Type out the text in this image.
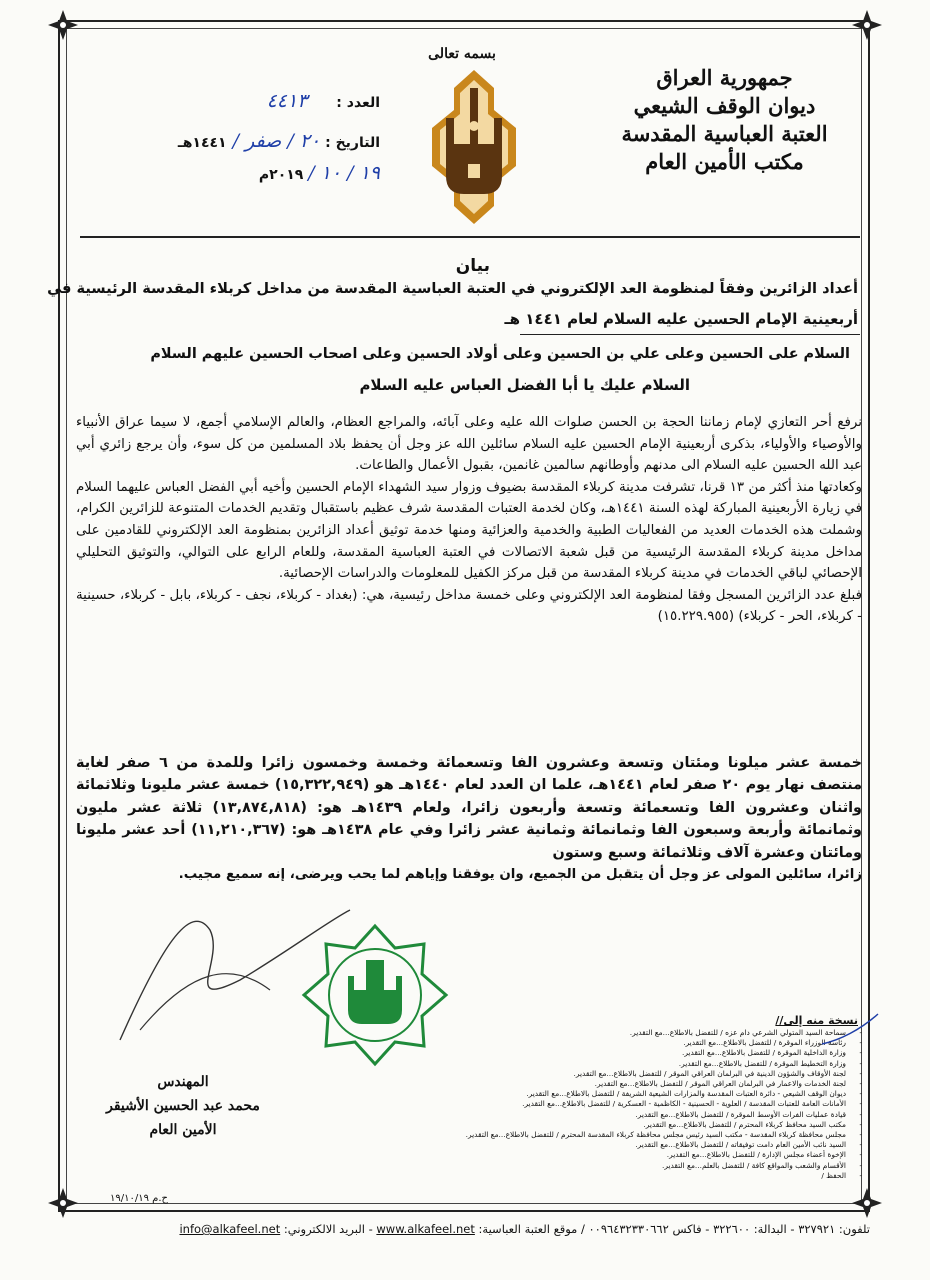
جمهورية العراق
ديوان الوقف الشيعي
العتبة العباسية المقدسة
مكتب الأمين العام
بسمه تعالى
العدد : ٤٤١٣
التاريخ : ٢٠ / صفر / ١٤٤١هـ
١٩ / ١٠ / ٢٠١٩م
بيان
أعداد الزائرين وفقاً لمنظومة العد الإلكتروني في العتبة العباسية المقدسة من مداخل كربلاء المقدسة الرئيسية في
أربعينية الإمام الحسين عليه السلام لعام ١٤٤١ هـ
السلام على الحسين وعلى علي بن الحسين وعلى أولاد الحسين وعلى اصحاب الحسين عليهم السلام
السلام عليك يا أبا الفضل العباس عليه السلام

نرفع أحر التعازي لإمام زماننا الحجة بن الحسن صلوات الله عليه وعلى آبائه، والمراجع العظام، والعالم الإسلامي أجمع، لا سيما عراق الأنبياء والأوصياء والأولياء، بذكرى أربعينية الإمام الحسين عليه السلام سائلين الله عز وجل أن يحفظ بلاد المسلمين من كل سوء، وأن يرجع زائري أبي عبد الله الحسين عليه السلام الى مدنهم وأوطانهم سالمين غانمين، بقبول الأعمال والطاعات.

وكعادتها منذ أكثر من ١٣ قرنا، تشرفت مدينة كربلاء المقدسة بضيوف وزوار سيد الشهداء الإمام الحسين وأخيه أبي الفضل العباس عليهما السلام في زيارة الأربعينية المباركة لهذه السنة ١٤٤١هـ، وكان لخدمة العتبات المقدسة شرف عظيم باستقبال وتقديم الخدمات المتنوعة للزائرين الكرام، وشملت هذه الخدمات العديد من الفعاليات الطبية والخدمية والعزائية ومنها خدمة توثيق أعداد الزائرين بمنظومة العد الإلكتروني للقادمين على مداخل مدينة كربلاء المقدسة الرئيسية من قبل شعبة الاتصالات في العتبة العباسية المقدسة، وللعام الرابع على التوالي، والتوثيق التحليلي الإحصائي لباقي الخدمات في مدينة كربلاء المقدسة من قبل مركز الكفيل للمعلومات والدراسات الإحصائية.

فبلغ عدد الزائرين المسجل وفقا لمنظومة العد الإلكتروني وعلى خمسة مداخل رئيسية، هي: (بغداد - كربلاء، نجف - كربلاء، بابل - كربلاء، حسينية - كربلاء، الحر - كربلاء) (١٥.٢٢٩.٩٥٥)

خمسة عشر ميلونا ومئتان وتسعة وعشرون الفا وتسعمائة وخمسة وخمسون زائرا وللمدة من ٦ صفر لغاية منتصف نهار يوم ٢٠ صفر لعام ١٤٤١هـ، علما ان العدد لعام ١٤٤٠هـ هو (١٥,٣٢٢,٩٤٩) خمسة عشر مليونا وثلاثمائة واثنان وعشرون الفا وتسعمائة وتسعة وأربعون زائرا، ولعام ١٤٣٩هـ هو: (١٣,٨٧٤,٨١٨) ثلاثة عشر مليون وثمانمائة وأربعة وسبعون الفا وثمانمائة وثمانية عشر زائرا وفي عام ١٤٣٨هـ هو: (١١,٢١٠,٣٦٧) أحد عشر مليونا ومائتان وعشرة آلاف وثلاثمائة وسبع وستون

زائرا، سائلين المولى عز وجل أن يتقبل من الجميع، وان يوفقنا وإياهم لما يحب ويرضى، إنه سميع مجيب.

المهندس
محمد عبد الحسين الأشيقر
الأمين العام
نسخة منه إلى//
-سماحة السيد المتولي الشرعي دام عزه / للتفضل بالاطلاع...مع التقدير.
-رئاسة الوزراء الموقرة / للتفضل بالاطلاع...مع التقدير.
-وزارة الداخلية الموقرة / للتفضل بالاطلاع...مع التقدير.
-وزارة التخطيط الموقرة / للتفضل بالاطلاع...مع التقدير.
-لجنة الأوقاف والشؤون الدينية في البرلمان العراقي الموقر / للتفضل بالاطلاع...مع التقدير.
-لجنة الخدمات والاعمار في البرلمان العراقي الموقر / للتفضل بالاطلاع...مع التقدير.
-ديوان الوقف الشيعي - دائرة العتبات المقدسة والمزارات الشيعية الشريفة / للتفضل بالاطلاع...مع التقدير.
-الأمانات العامة للعتبات المقدسة / العلوية - الحسينية - الكاظمية - العسكرية / للتفضل بالاطلاع...مع التقدير.
-قيادة عمليات الفرات الأوسط الموقرة / للتفضل بالاطلاع...مع التقدير.
-مكتب السيد محافظ كربلاء المحترم / للتفضل بالاطلاع...مع التقدير.
-مجلس محافظة كربلاء المقدسة - مكتب السيد رئيس مجلس محافظة كربلاء المقدسة المحترم / للتفضل بالاطلاع...مع التقدير.
-السيد نائب الأمين العام دامت توفيقاته / للتفضل بالاطلاع...مع التقدير.
-الإخوة أعضاء مجلس الإدارة / للتفضل بالاطلاع...مع التقدير.
-الأقسام والشعب والمواقع كافة / للتفضل بالعلم...مع التقدير.
-الحفظ /
ح.م ١٩/١٠/١٩
تلفون: ٣٢٧٩٢١ - البدالة: ٣٢٢٦٠٠ - فاكس ٠٠٩٦٤٣٢٣٣٠٦٦٢ / موقع العتبة العباسية: www.alkafeel.net - البريد الالكتروني: info@alkafeel.net
